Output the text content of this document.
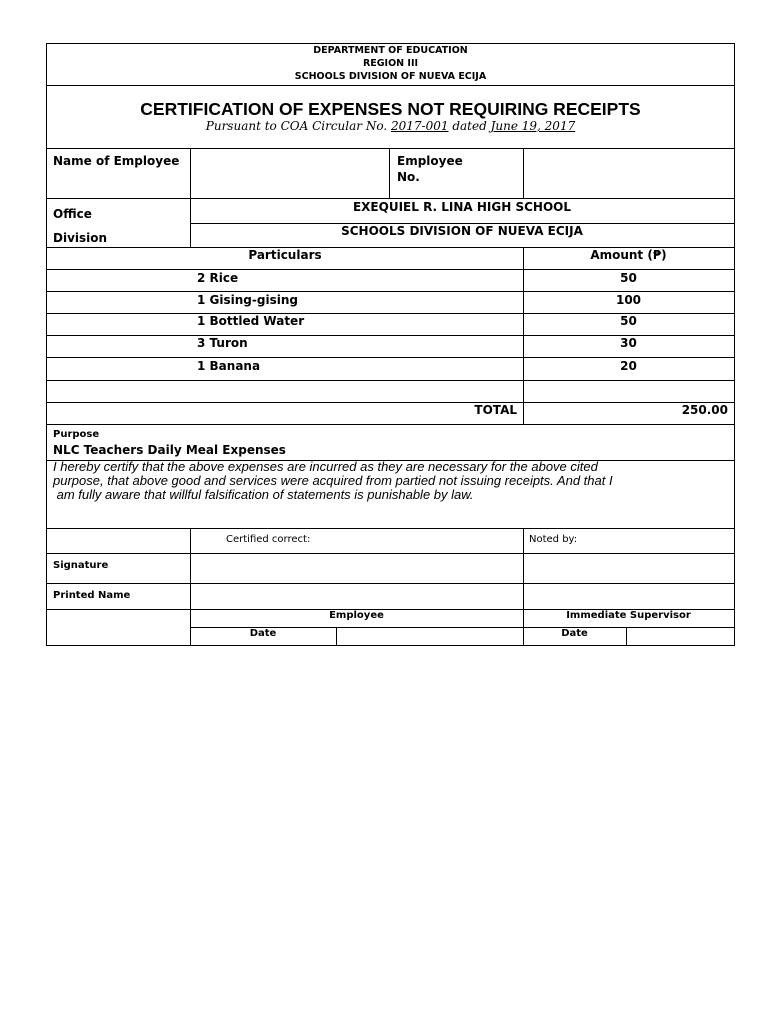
DEPARTMENT OF EDUCATION
REGION III
SCHOOLS DIVISION OF NUEVA ECIJA
CERTIFICATION OF EXPENSES NOT REQUIRING RECEIPTS
Pursuant to COA Circular No. 2017-001 dated June 19, 2017
Name of Employee	Employee
No.
Office	EXEQUIEL R. LINA HIGH SCHOOL
Division	SCHOOLS DIVISION OF NUEVA ECIJA
Particulars	Amount (₱)
2 Rice	50
1 Gising-gising	100
1 Bottled Water	50
3 Turon	30
1 Banana	20
TOTAL	250.00
Purpose
NLC Teachers Daily Meal Expenses
I hereby certify that the above expenses are incurred as they are necessary for the above cited
purpose, that above good and services were acquired from partied not issuing receipts. And that I
am fully aware that willful falsification of statements is punishable by law.
Certified correct:	Noted by:
Signature
Printed Name
Employee	Immediate Supervisor
Date	Date
